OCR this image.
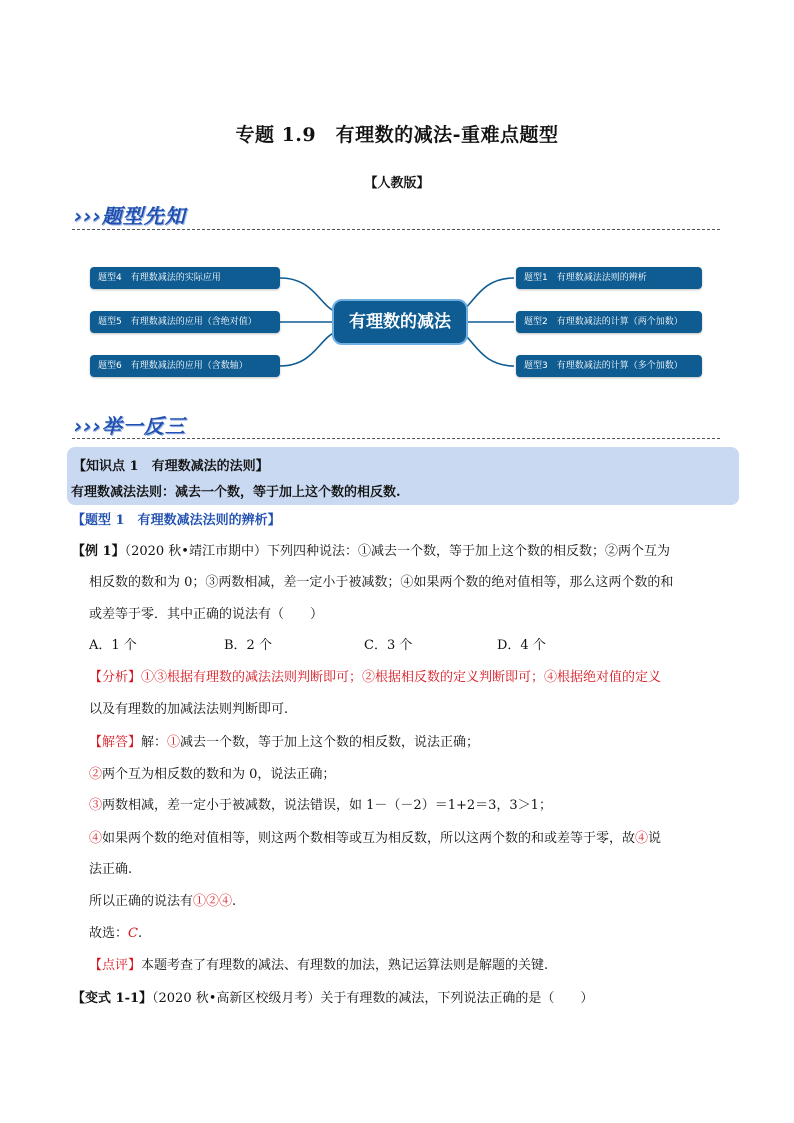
专题 1.9　有理数的减法-重难点题型
【人教版】
›››题型先知
题型4　有理数减法的实际应用
题型5　有理数减法的应用（含绝对值）
题型6　有理数减法的应用（含数轴）
有理数的减法
题型1　有理数减法法则的辨析
题型2　有理数减法的计算（两个加数）
题型3　有理数减法的计算（多个加数）
›››举一反三
【知识点 1　有理数减法的法则】
有理数减法法则：减去一个数，等于加上这个数的相反数.
【题型 1　有理数减法法则的辨析】
【例 1】（2020 秋•靖江市期中）下列四种说法：①减去一个数，等于加上这个数的相反数；②两个互为
相反数的数和为 0；③两数相减，差一定小于被减数；④如果两个数的绝对值相等，那么这两个数的和
或差等于零．其中正确的说法有（　　）
A．1 个	B．2 个	C．3 个	D．4 个
【分析】①③根据有理数的减法法则判断即可；②根据相反数的定义判断即可；④根据绝对值的定义
以及有理数的加减法法则判断即可.
【解答】解：①减去一个数，等于加上这个数的相反数，说法正确；
②两个互为相反数的数和为 0，说法正确；
③两数相减，差一定小于被减数，说法错误，如 1－（－2）＝1+2＝3，3＞1；
④如果两个数的绝对值相等，则这两个数相等或互为相反数，所以这两个数的和或差等于零，故④说
法正确.
所以正确的说法有①②④.
故选：C.
【点评】本题考查了有理数的减法、有理数的加法，熟记运算法则是解题的关键.
【变式 1-1】（2020 秋•高新区校级月考）关于有理数的减法，下列说法正确的是（　　）
